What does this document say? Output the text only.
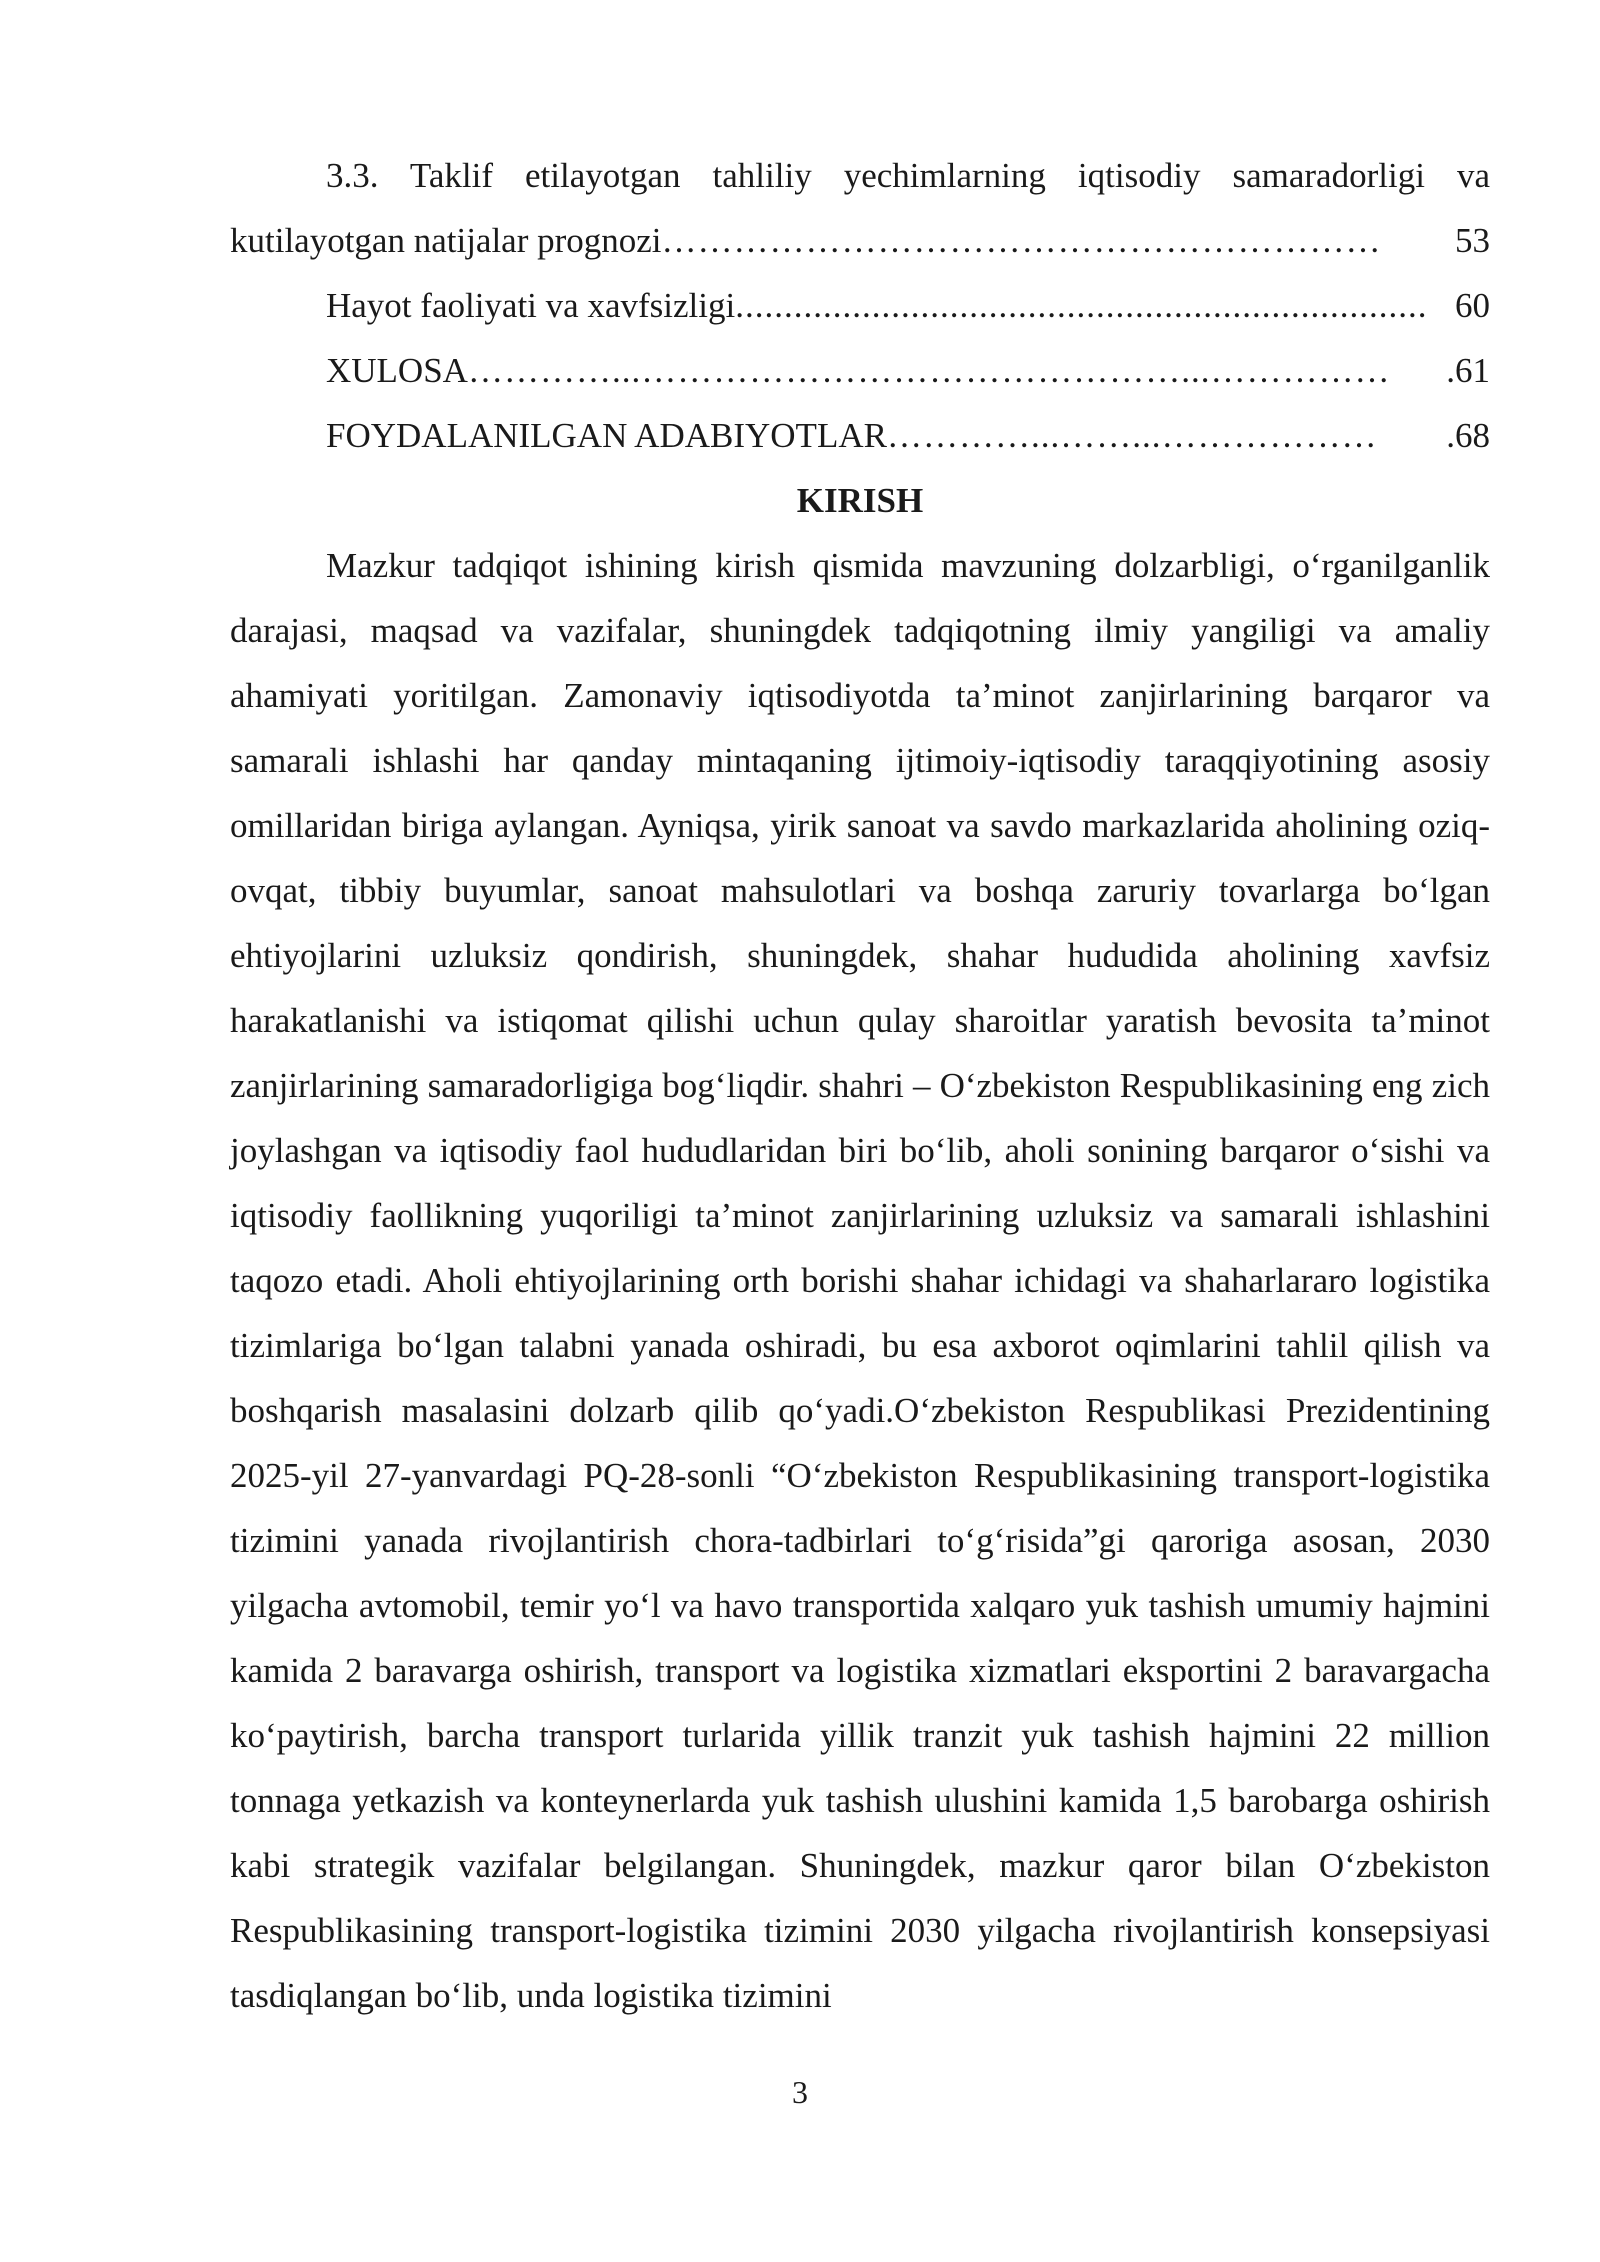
3.3. Taklif etilayotgan tahliliy yechimlarning iqtisodiy samaradorligi va
kutilayotgan natijalar prognozi ……………………………………………………	53
Hayot faoliyati va xavfsizligi ....................................................................... 60
XULOSA …………...………………………………………...……………	.61
FOYDALANILGAN ADABIYOTLAR …………...……...………………	.68
KIRISH

Mazkur tadqiqot ishining kirish qismida mavzuning dolzarbligi, o‘rganilganlik darajasi, maqsad va vazifalar, shuningdek tadqiqotning ilmiy yangiligi va amaliy ahamiyati yoritilgan. Zamonaviy iqtisodiyotda ta’minot zanjirlarining barqaror va samarali ishlashi har qanday mintaqaning ijtimoiy-iqtisodiy taraqqiyotining asosiy omillaridan biriga aylangan. Ayniqsa, yirik sanoat va savdo markazlarida aholining oziq-ovqat, tibbiy buyumlar, sanoat mahsulotlari va boshqa zaruriy tovarlarga bo‘lgan ehtiyojlarini uzluksiz qondirish, shuningdek, shahar hududida aholining xavfsiz harakatlanishi va istiqomat qilishi uchun qulay sharoitlar yaratish bevosita ta’minot zanjirlarining samaradorligiga bog‘liqdir. shahri – O‘zbekiston Respublikasining eng zich joylashgan va iqtisodiy faol hududlaridan biri bo‘lib, aholi sonining barqaror o‘sishi va iqtisodiy faollikning yuqoriligi ta’minot zanjirlarining uzluksiz va samarali ishlashini taqozo etadi. Aholi ehtiyojlarining orth borishi shahar ichidagi va shaharlararo logistika tizimlariga bo‘lgan talabni yanada oshiradi, bu esa axborot oqimlarini tahlil qilish va boshqarish masalasini dolzarb qilib qo‘yadi.O‘zbekiston Respublikasi Prezidentining 2025-yil 27-yanvardagi PQ-28-sonli “O‘zbekiston Respublikasining transport-logistika tizimini yanada rivojlantirish chora-tadbirlari to‘g‘risida”gi qaroriga asosan, 2030 yilgacha avtomobil, temir yo‘l va havo transportida xalqaro yuk tashish umumiy hajmini kamida 2 baravarga oshirish, transport va logistika xizmatlari eksportini 2 baravargacha ko‘paytirish, barcha transport turlarida yillik tranzit yuk tashish hajmini 22 million tonnaga yetkazish va konteynerlarda yuk tashish ulushini kamida 1,5 barobarga oshirish kabi strategik vazifalar belgilangan. Shuningdek, mazkur qaror bilan O‘zbekiston Respublikasining transport-logistika tizimini 2030 yilgacha rivojlantirish konsepsiyasi tasdiqlangan bo‘lib, unda logistika tizimini

3
